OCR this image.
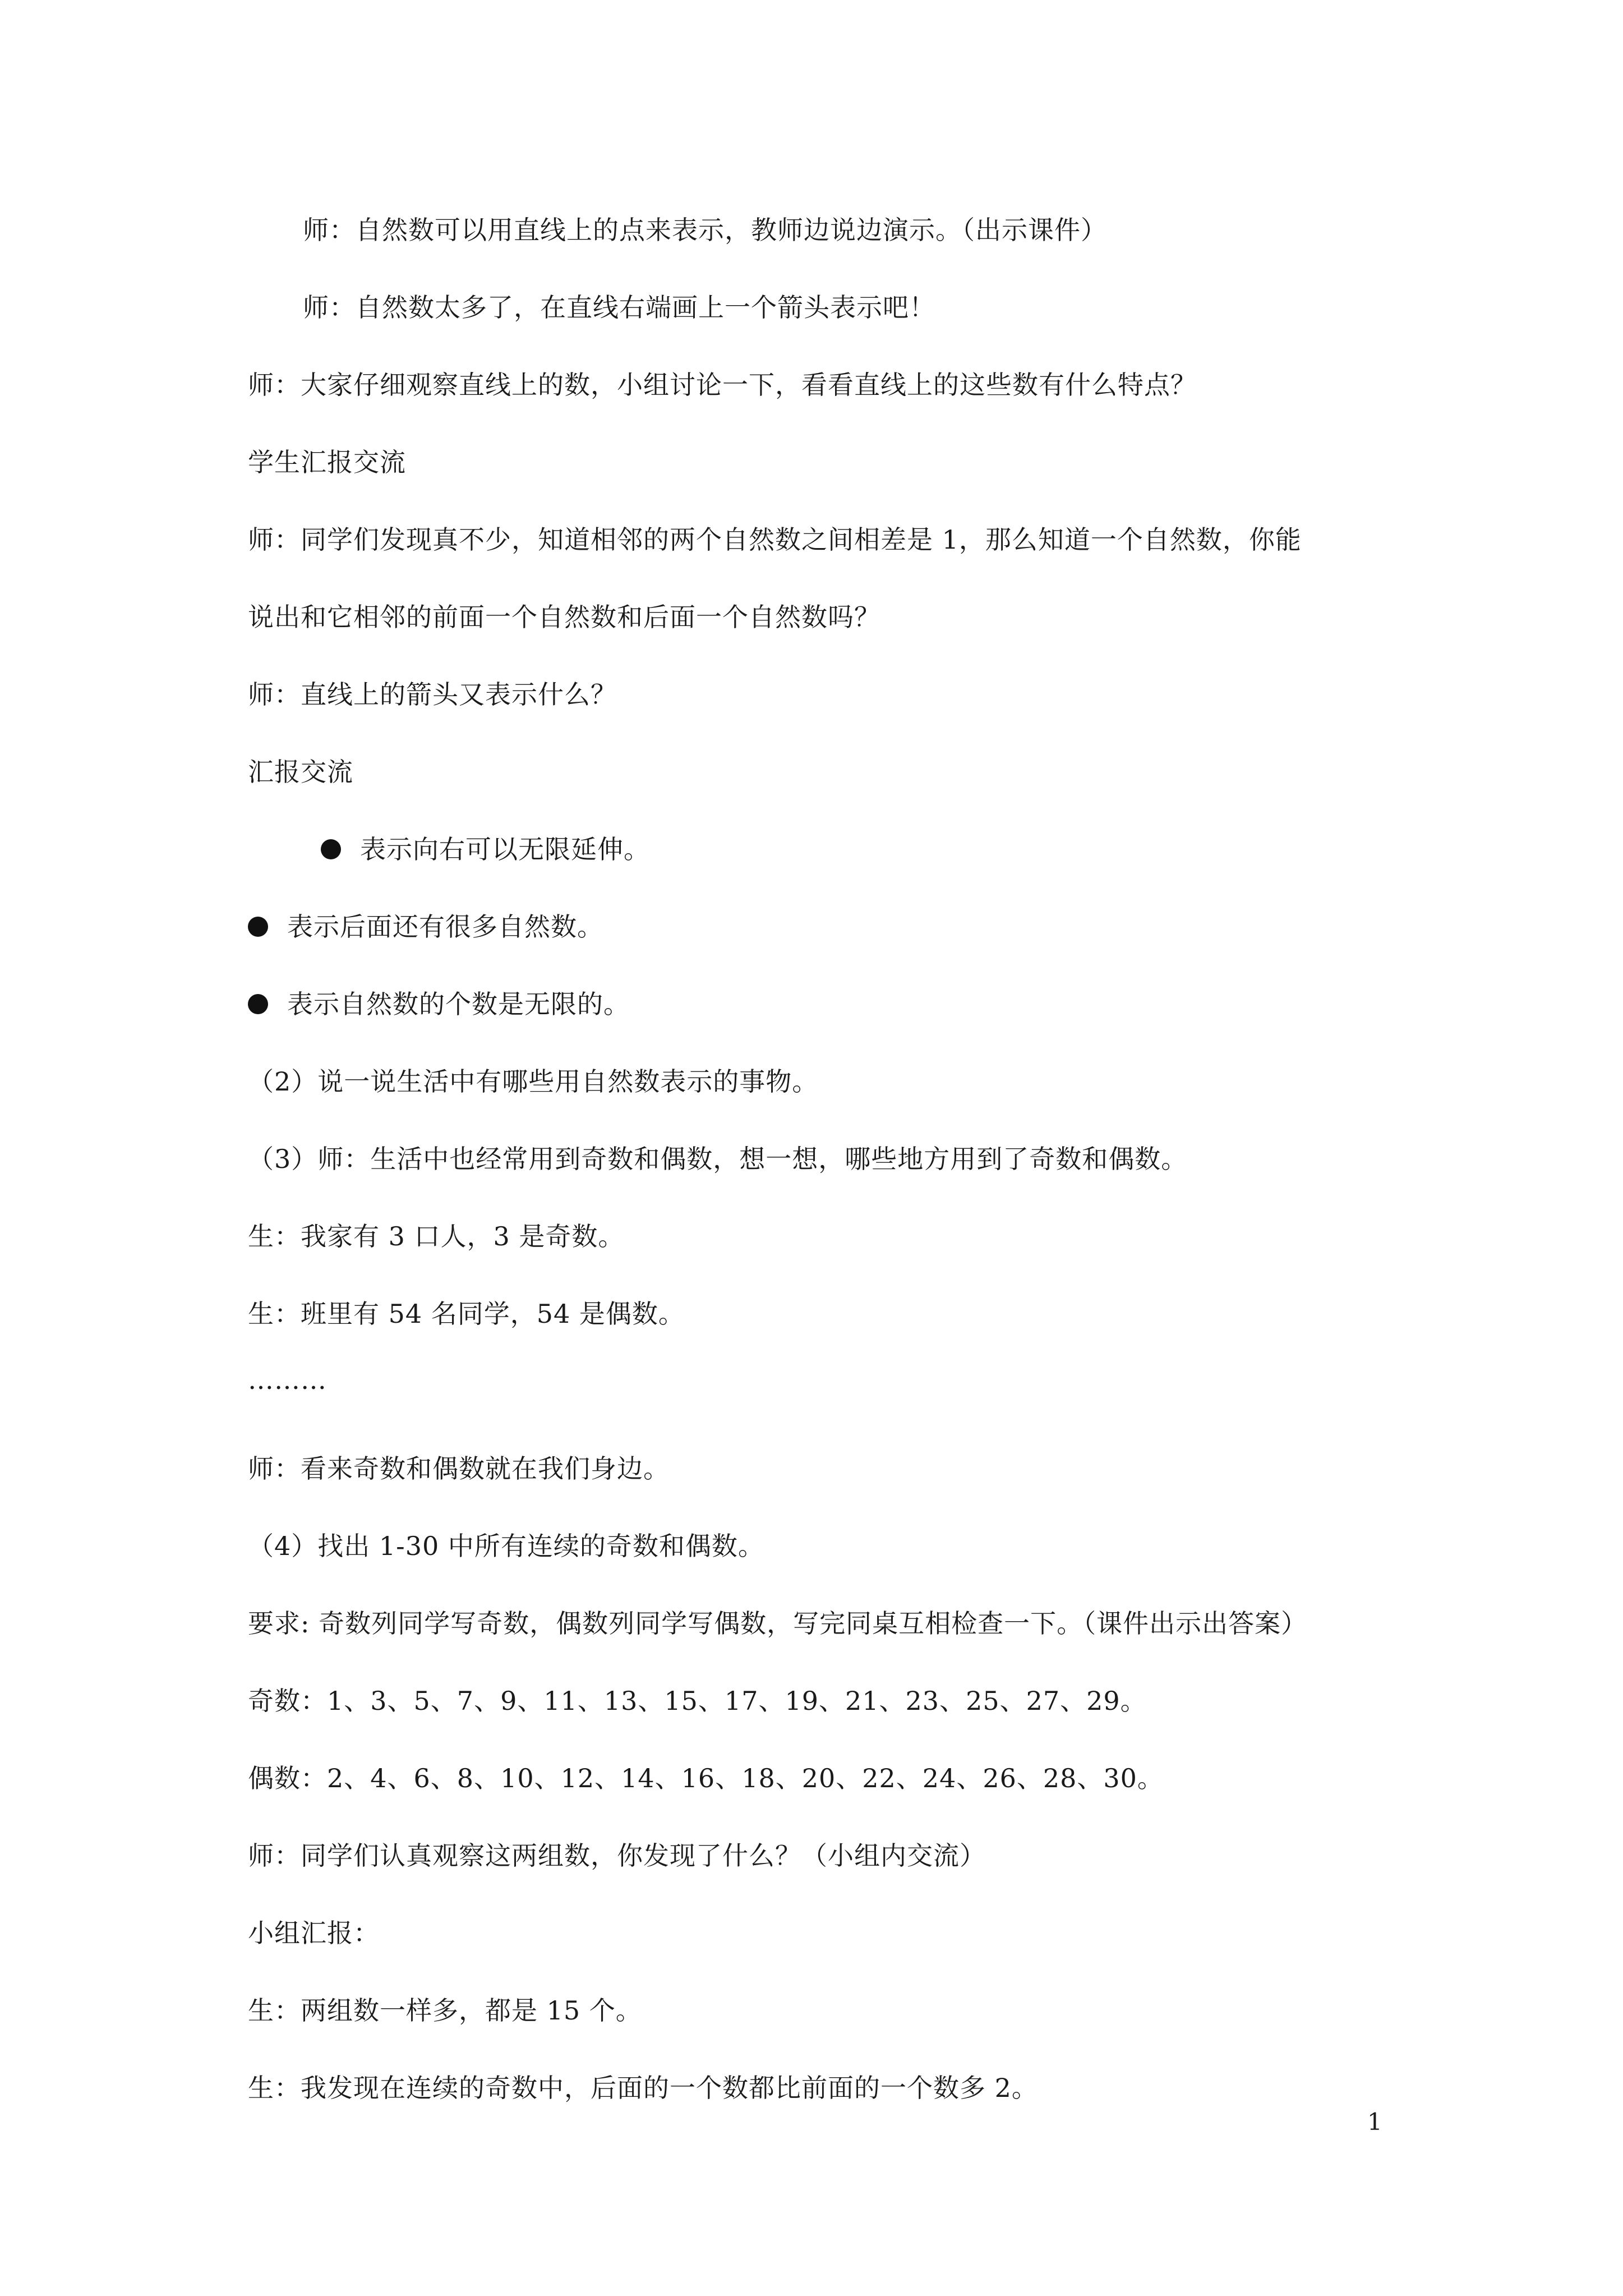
师：自然数可以用直线上的点来表示，教师边说边演示。（出示课件）
师：自然数太多了，在直线右端画上一个箭头表示吧！
师：大家仔细观察直线上的数，小组讨论一下，看看直线上的这些数有什么特点？
学生汇报交流
师：同学们发现真不少，知道相邻的两个自然数之间相差是 1，那么知道一个自然数，你能
说出和它相邻的前面一个自然数和后面一个自然数吗？
师：直线上的箭头又表示什么？
汇报交流
表示向右可以无限延伸。
表示后面还有很多自然数。
表示自然数的个数是无限的。
（2）说一说生活中有哪些用自然数表示的事物。
（3）师：生活中也经常用到奇数和偶数，想一想，哪些地方用到了奇数和偶数。
生：我家有 3 口人，3 是奇数。
生：班里有 54 名同学，54 是偶数。
………
师：看来奇数和偶数就在我们身边。
（4）找出 1-30 中所有连续的奇数和偶数。
要求: 奇数列同学写奇数，偶数列同学写偶数，写完同桌互相检查一下。（课件出示出答案）
奇数：1、3、5、7、9、11、13、15、17、19、21、23、25、27、29。
偶数：2、4、6、8、10、12、14、16、18、20、22、24、26、28、30。
师：同学们认真观察这两组数，你发现了什么？（小组内交流）
小组汇报：
生：两组数一样多，都是 15 个。
生：我发现在连续的奇数中，后面的一个数都比前面的一个数多 2。
1
